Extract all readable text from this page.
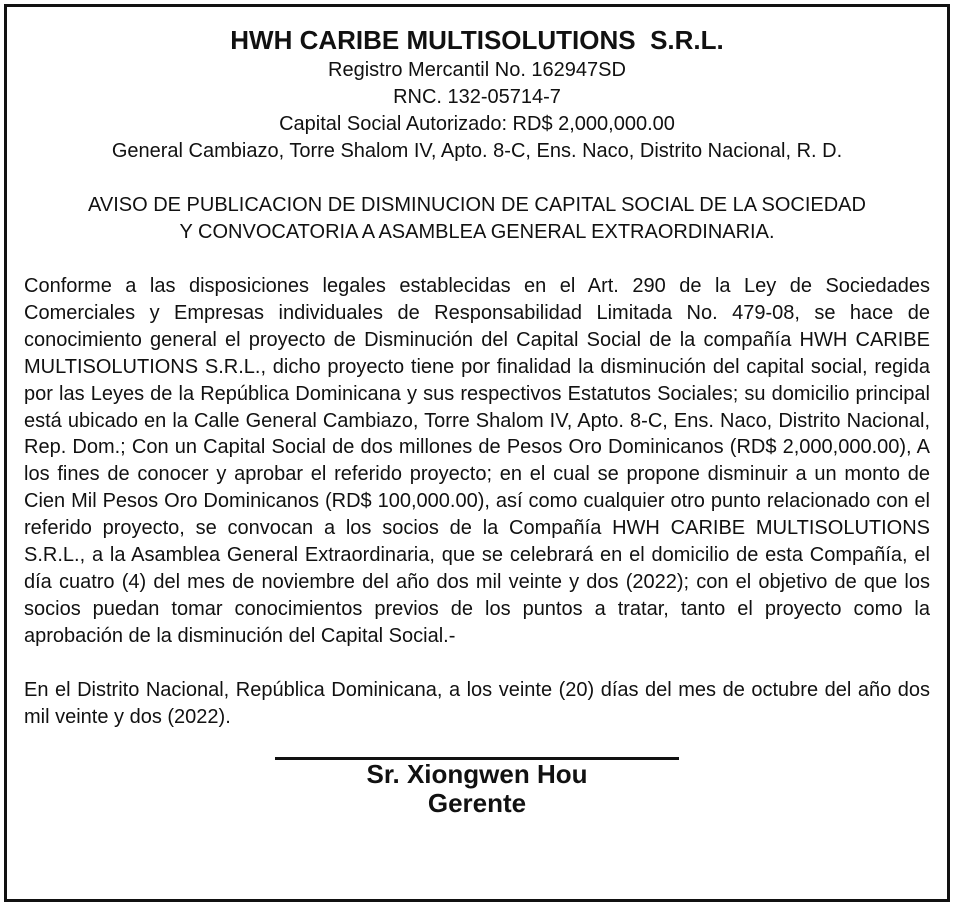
HWH CARIBE MULTISOLUTIONS  S.R.L.

Registro Mercantil No. 162947SD

RNC. 132-05714-7

Capital Social Autorizado: RD$ 2,000,000.00

General Cambiazo, Torre Shalom IV, Apto. 8-C, Ens. Naco, Distrito Nacional, R. D.

AVISO DE PUBLICACION DE DISMINUCION DE CAPITAL SOCIAL DE LA SOCIEDAD

Y CONVOCATORIA A ASAMBLEA GENERAL EXTRAORDINARIA.

Conforme a las disposiciones legales establecidas en el Art. 290 de la Ley de Sociedades Comerciales y Empresas individuales de Responsabilidad Limitada No. 479-08, se hace de conocimiento general el proyecto de Disminución del Capital Social de la compañía HWH CARIBE MULTISOLUTIONS S.R.L., dicho proyecto tiene por finalidad la disminución del capital social, regida por las Leyes de la República Dominicana y sus respectivos Estatutos Sociales; su domicilio principal está ubicado en la Calle General Cambiazo, Torre Shalom IV, Apto. 8-C, Ens. Naco, Distrito Nacional, Rep. Dom.; Con un Capital Social de dos millones de Pesos Oro Dominicanos (RD$ 2,000,000.00), A los fines de conocer y aprobar el referido proyecto; en el cual se propone disminuir a un monto de Cien Mil Pesos Oro Dominicanos (RD$ 100,000.00), así como cualquier otro punto relacionado con el referido proyecto, se convocan a los socios de la Compañía HWH CARIBE MULTISOLUTIONS S.R.L., a la Asamblea General Extraordinaria, que se celebrará en el domicilio de esta Compañía, el día cuatro (4) del mes de noviembre del año dos mil veinte y dos (2022); con el objetivo de que los socios puedan tomar conocimientos previos de los puntos a tratar, tanto el proyecto como la aprobación de la disminución del Capital Social.-

En el Distrito Nacional, República Dominicana, a los veinte (20) días del mes de octubre del año dos mil veinte y dos (2022).

Sr. Xiongwen Hou

Gerente
